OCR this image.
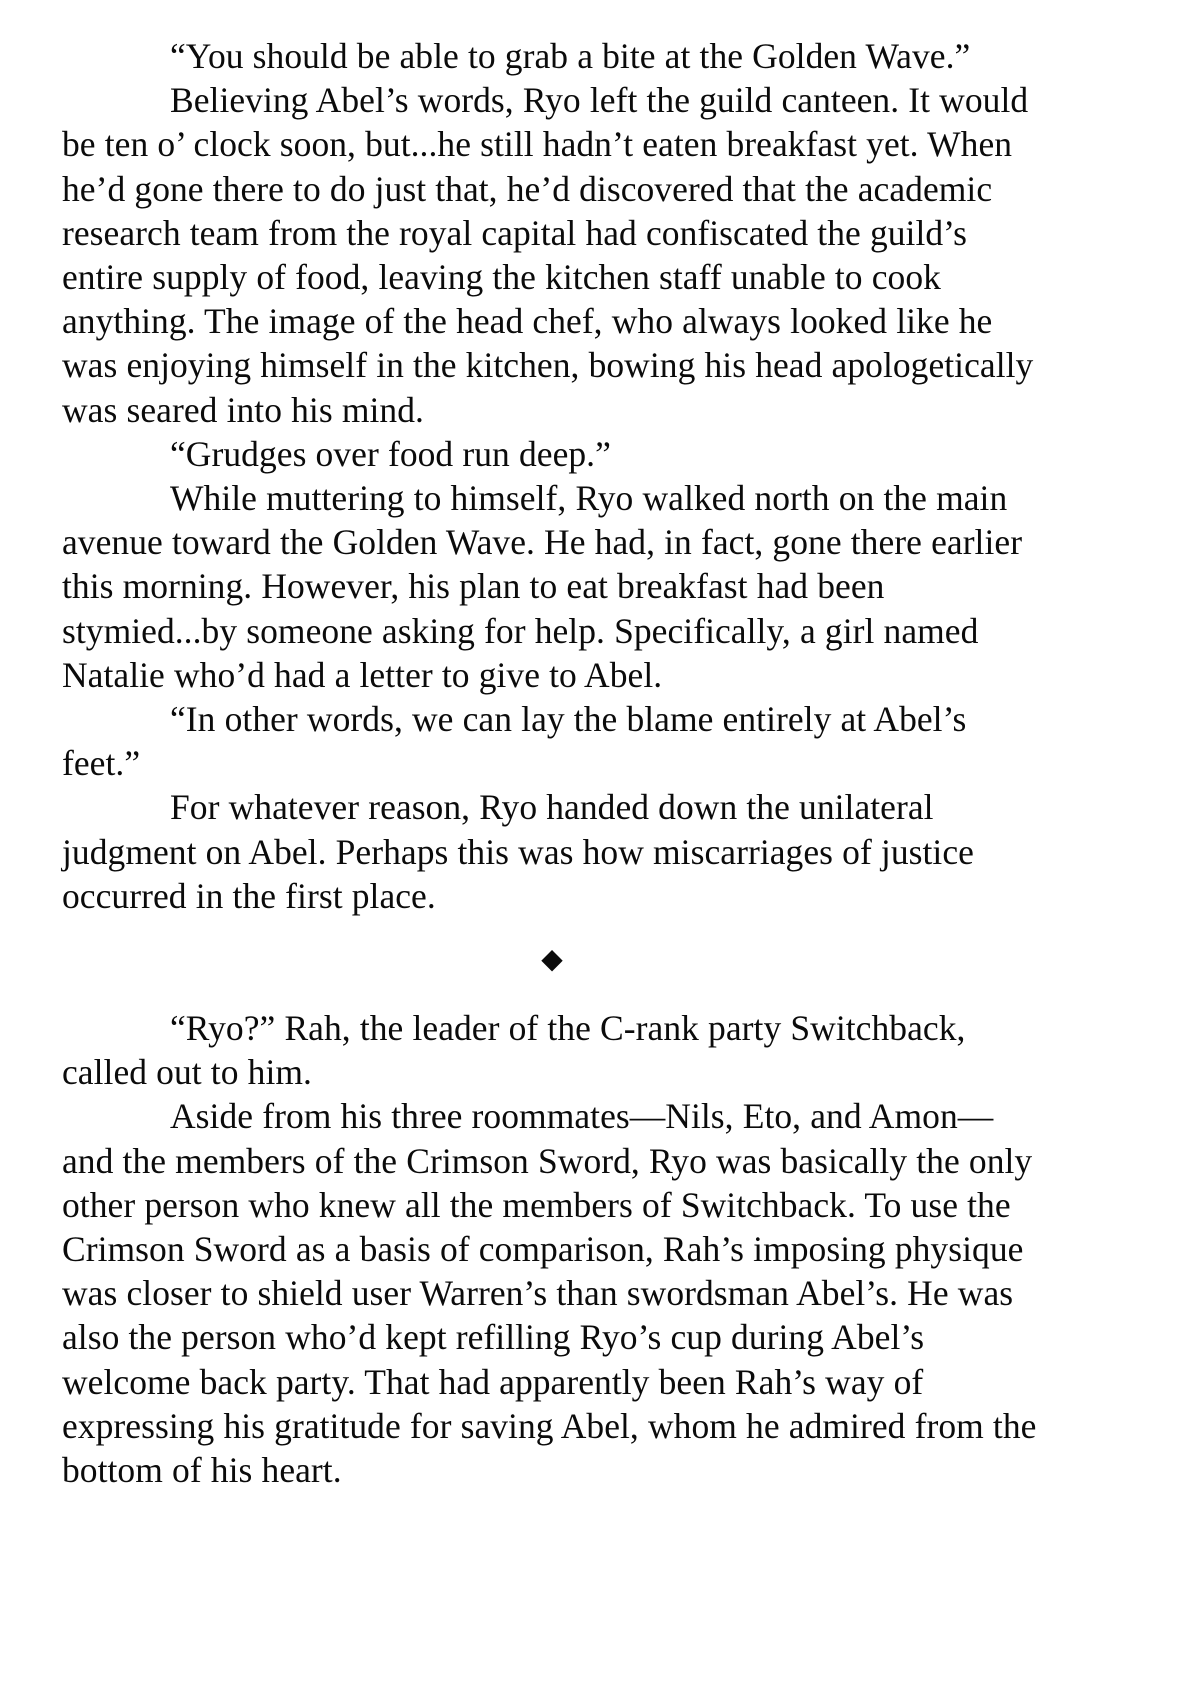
“You should be able to grab a bite at the Golden Wave.”

Believing Abel’s words, Ryo left the guild canteen. It would be ten o’ clock soon, but...he still hadn’t eaten breakfast yet. When he’d gone there to do just that, he’d discovered that the academic research team from the royal capital had confiscated the guild’s entire supply of food, leaving the kitchen staff unable to cook anything. The image of the head chef, who always looked like he was enjoying himself in the kitchen, bowing his head apologetically was seared into his mind.

“Grudges over food run deep.”

While muttering to himself, Ryo walked north on the main avenue toward the Golden Wave. He had, in fact, gone there earlier this morning. However, his plan to eat breakfast had been stymied...by someone asking for help. Specifically, a girl named Natalie who’d had a letter to give to Abel.

“In other words, we can lay the blame entirely at Abel’s feet.”

For whatever reason, Ryo handed down the unilateral judgment on Abel. Perhaps this was how miscarriages of justice occurred in the first place.

◆

“Ryo?” Rah, the leader of the C-rank party Switchback, called out to him.

Aside from his three roommates—Nils, Eto, and Amon—and the members of the Crimson Sword, Ryo was basically the only other person who knew all the members of Switchback. To use the Crimson Sword as a basis of comparison, Rah’s imposing physique was closer to shield user Warren’s than swordsman Abel’s. He was also the person who’d kept refilling Ryo’s cup during Abel’s welcome back party. That had apparently been Rah’s way of expressing his gratitude for saving Abel, whom he admired from the bottom of his heart.
